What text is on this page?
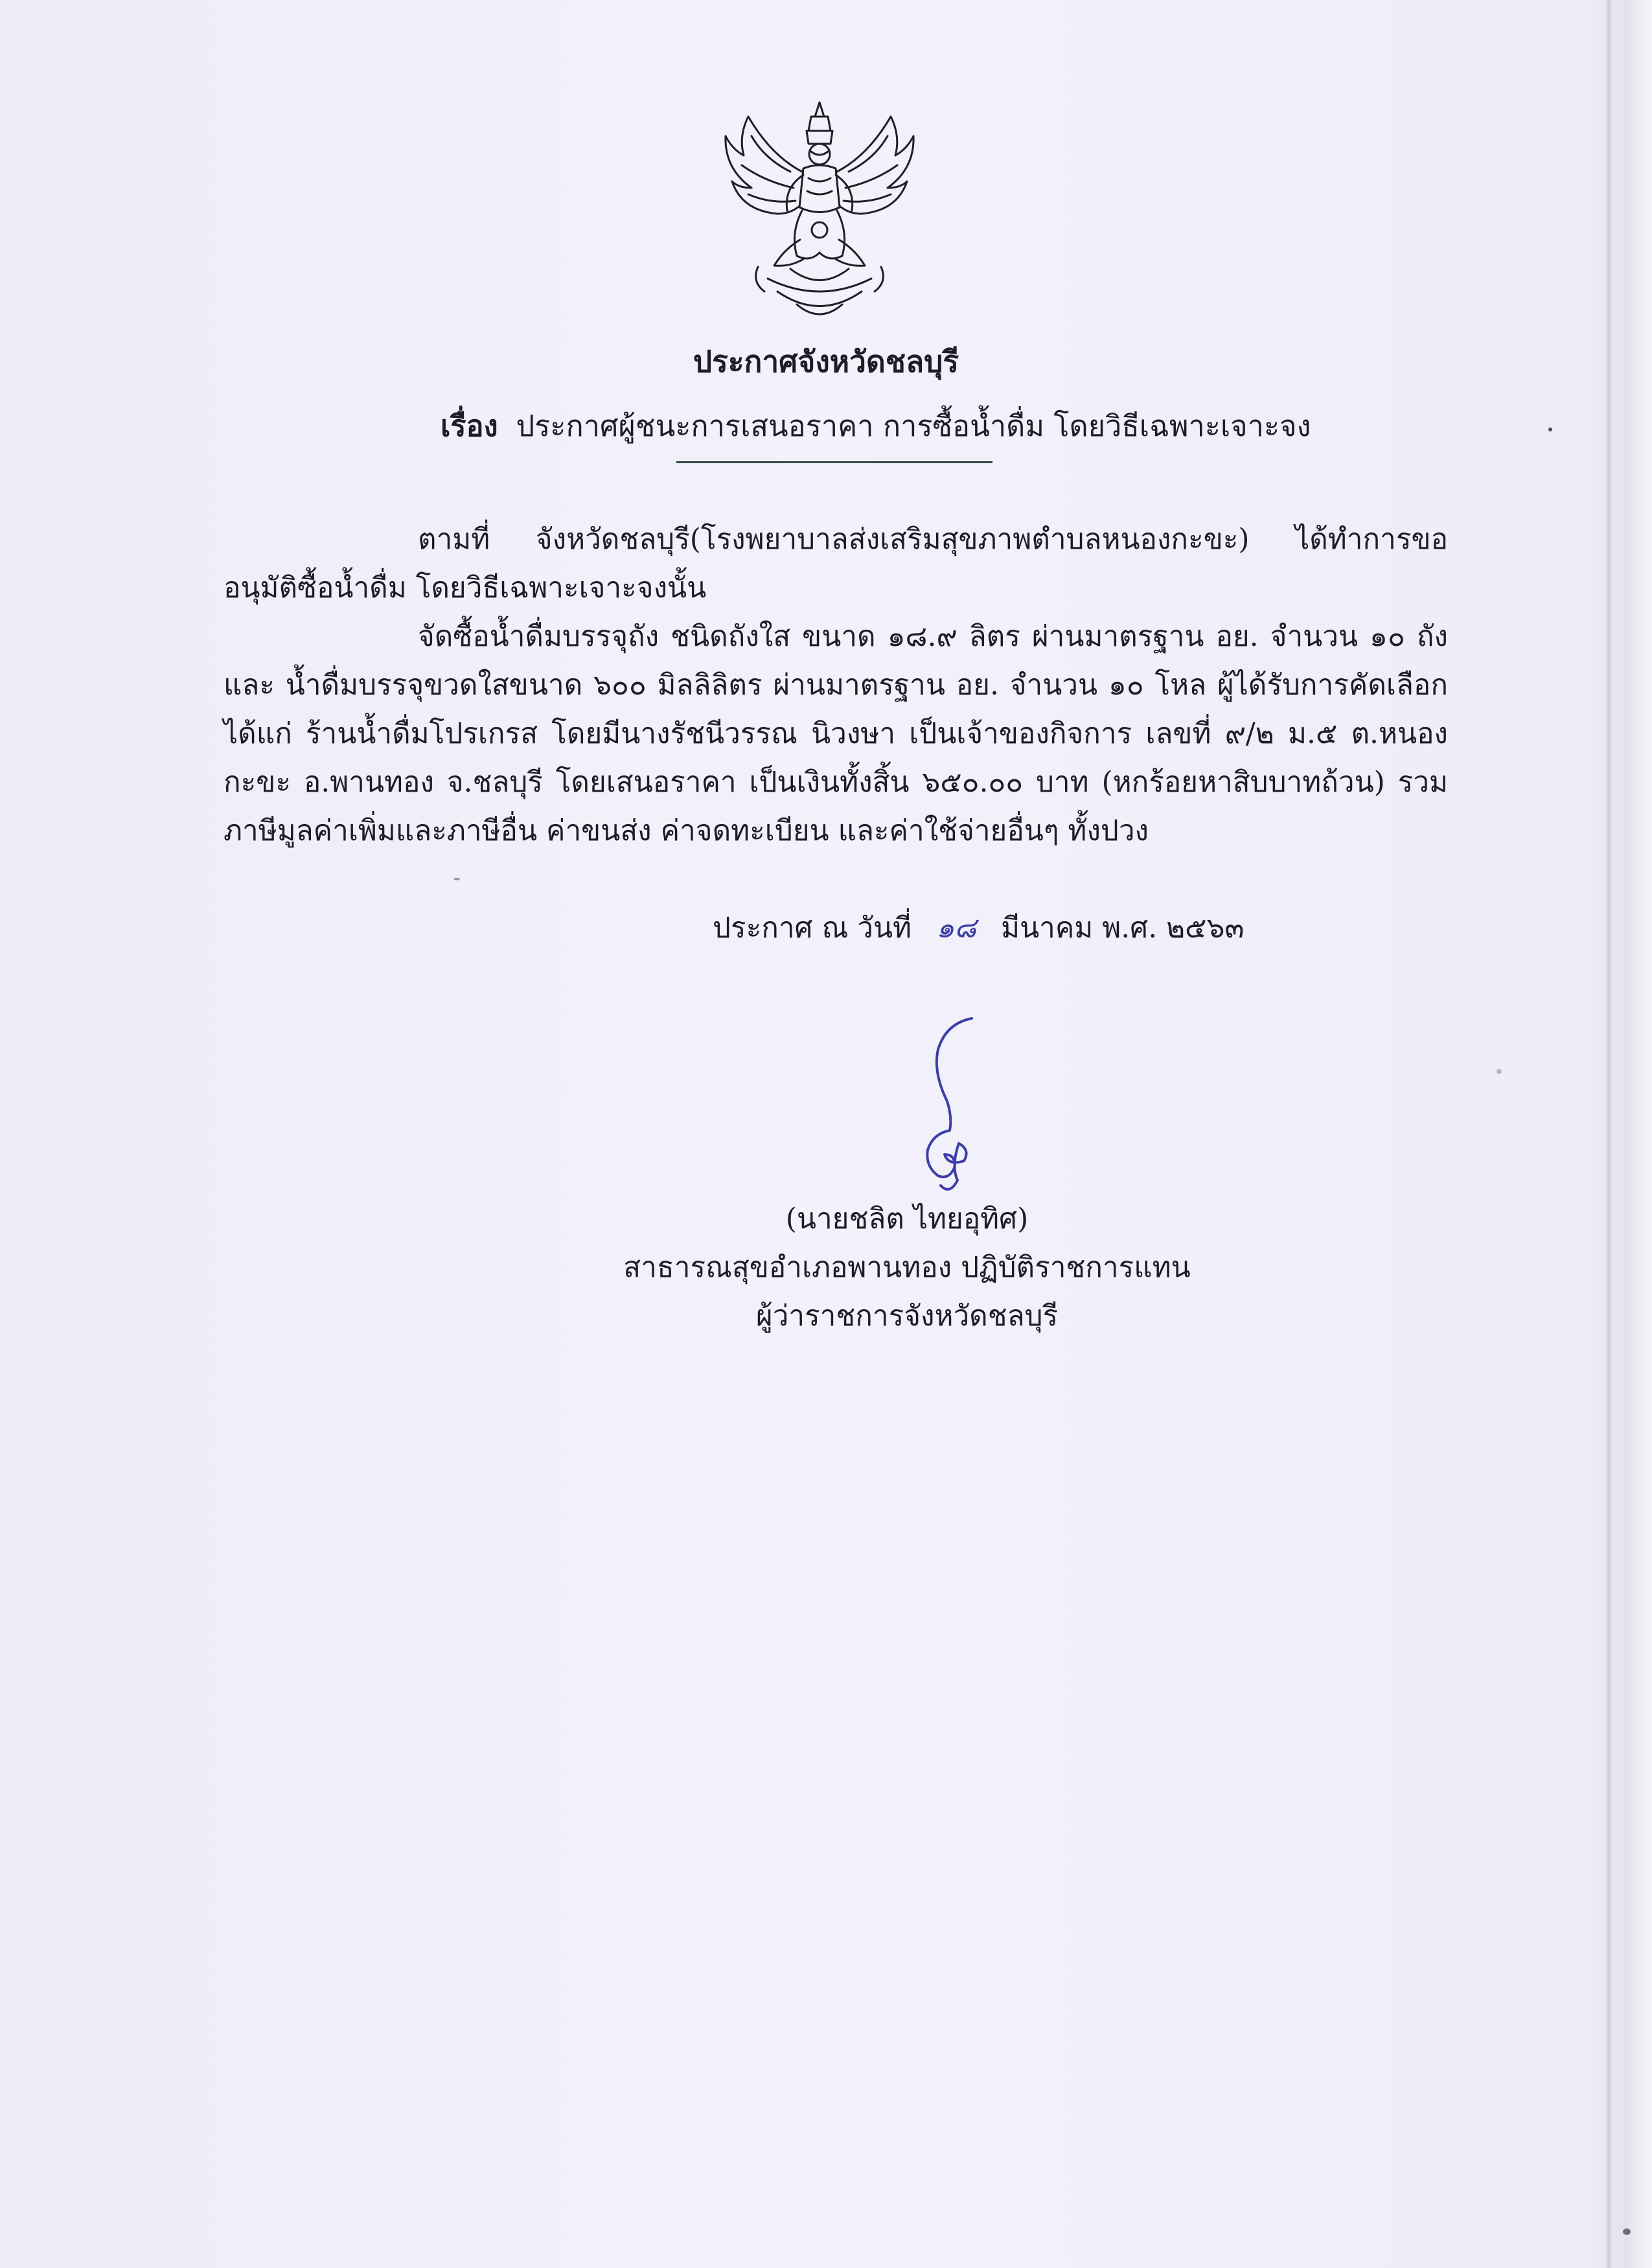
ประกาศจังหวัดชลบุรี
เรื่อง ประกาศผู้ชนะการเสนอราคา การซื้อน้ำดื่ม โดยวิธีเฉพาะเจาะจง
ตามที่ จังหวัดชลบุรี(โรงพยาบาลส่งเสริมสุขภาพตำบลหนองกะขะ) ได้ทำการขออนุมัติซื้อน้ำดื่ม โดยวิธีเฉพาะเจาะจงนั้น
จัดซื้อน้ำดื่มบรรจุถัง ชนิดถังใส ขนาด ๑๘.๙ ลิตร ผ่านมาตรฐาน อย. จำนวน ๑๐ ถัง และ น้ำดื่มบรรจุขวดใสขนาด ๖๐๐ มิลลิลิตร ผ่านมาตรฐาน อย. จำนวน ๑๐ โหล ผู้ได้รับการคัดเลือก ได้แก่ ร้านน้ำดื่มโปรเกรส โดยมีนางรัชนีวรรณ นิวงษา เป็นเจ้าของกิจการ เลขที่ ๙/๒ ม.๕ ต.หนองกะขะ อ.พานทอง จ.ชลบุรี โดยเสนอราคา เป็นเงินทั้งสิ้น ๖๕๐.๐๐ บาท (หกร้อยหาสิบบาทถ้วน) รวมภาษีมูลค่าเพิ่มและภาษีอื่น ค่าขนส่ง ค่าจดทะเบียน และค่าใช้จ่ายอื่นๆ ทั้งปวง
ประกาศ ณ วันที่ ๑๘ มีนาคม พ.ศ. ๒๕๖๓
(นายชลิต ไทยอุทิศ)
สาธารณสุขอำเภอพานทอง ปฏิบัติราชการแทน
ผู้ว่าราชการจังหวัดชลบุรี
